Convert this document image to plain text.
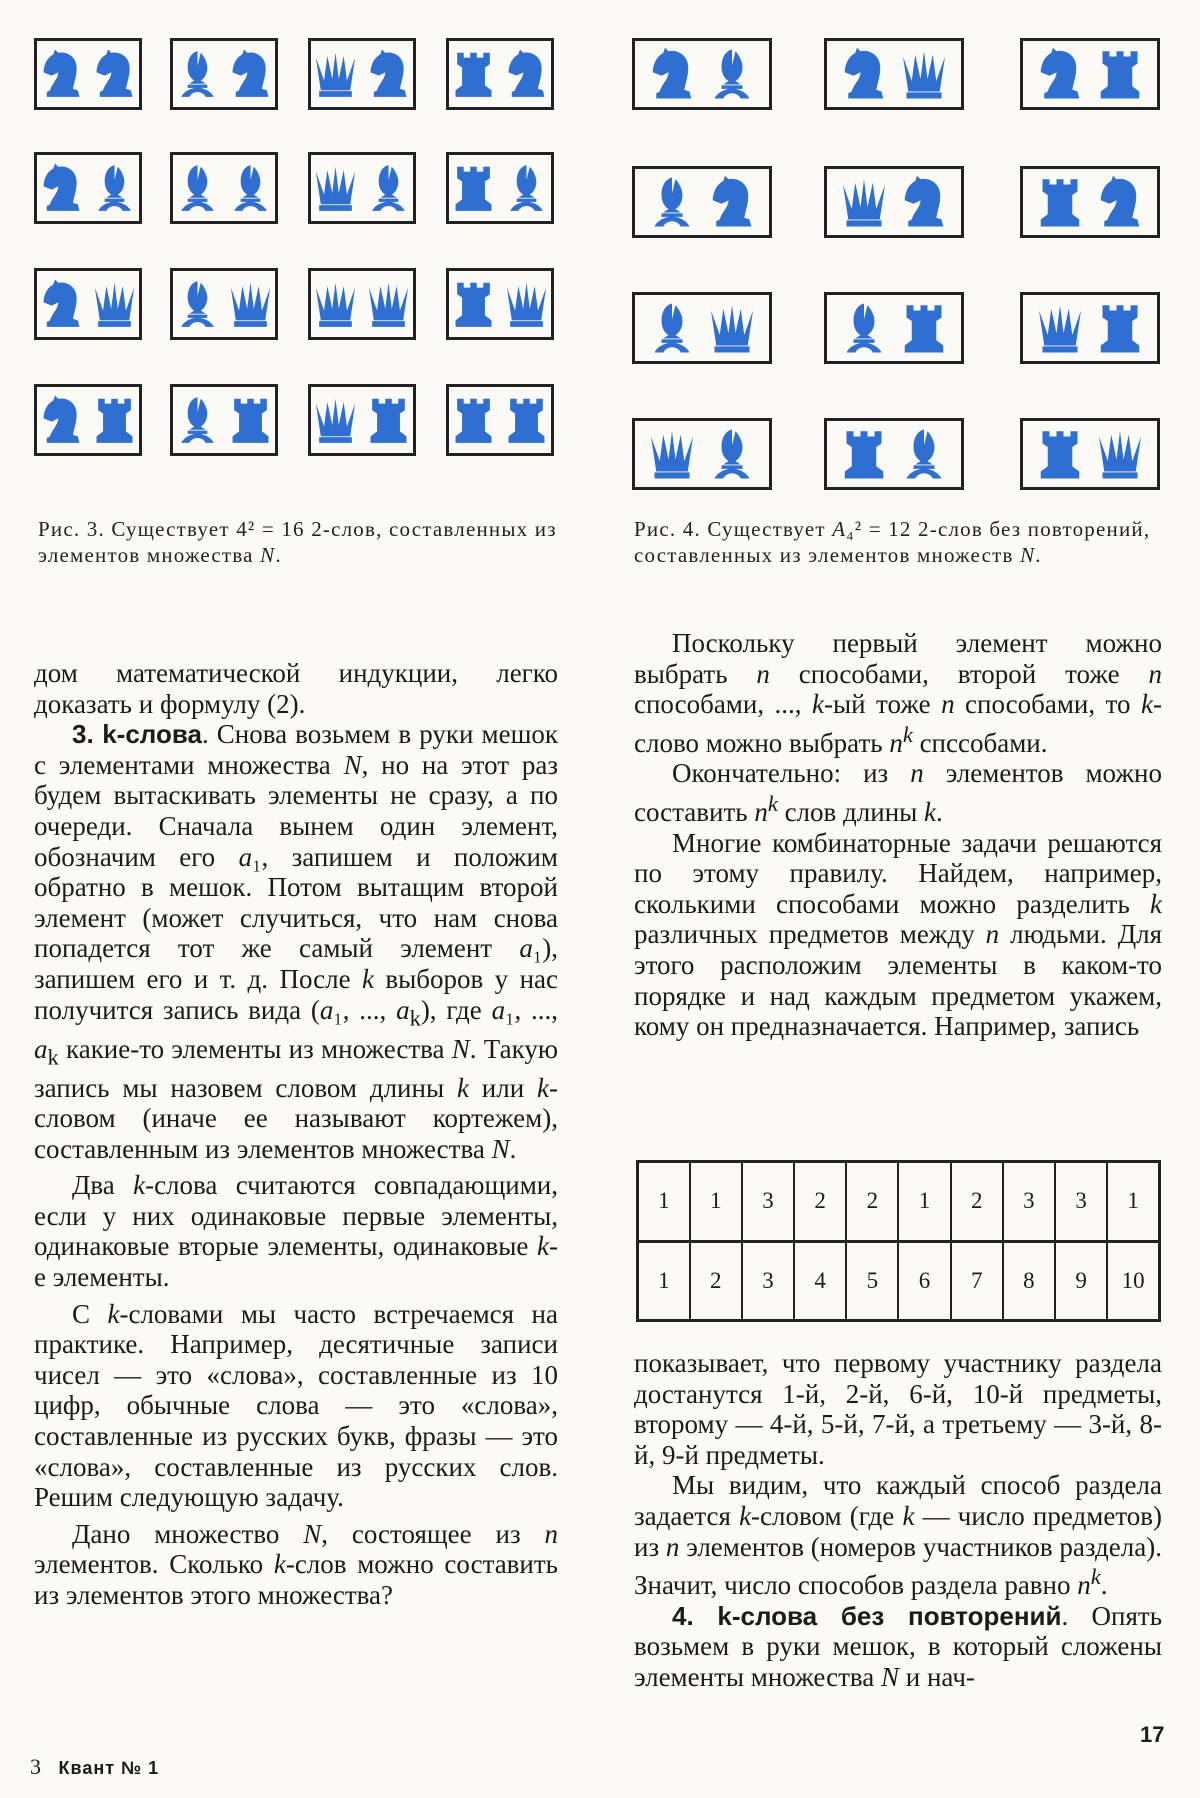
Рис. 3. Существует 4² = 16 2-слов, составленных из элементов множества N.
Рис. 4. Существует A₄² = 12 2-слов без повторений, составленных из элементов множеств N.

дом математической индукции, легко доказать и формулу (2).

3. k-слова. Снова возьмем в руки мешок с элементами множества N, но на этот раз будем вытаскивать элементы не сразу, а по очереди. Сначала вынем один элемент, обозначим его a₁, запишем и положим обратно в мешок. Потом вытащим второй элемент (может случиться, что нам снова попадется тот же самый элемент a₁), запишем его и т. д. После k выборов у нас получится запись вида (a₁, ..., $a_k$), где a₁, ..., $a_k$ какие-то элементы из множества N. Такую запись мы назовем словом длины k или k-словом (иначе ее называют кортежем), составленным из элементов множества N.

Два k-слова считаются совпадающими, если у них одинаковые первые элементы, одинаковые вторые элементы, одинаковые k-е элементы.

С k-словами мы часто встречаемся на практике. Например, десятичные записи чисел — это «слова», составленные из 10 цифр, обычные слова — это «слова», составленные из русских букв, фразы — это «слова», составленные из русских слов. Решим следующую задачу.

Дано множество N, состоящее из n элементов. Сколько k-слов можно составить из элементов этого множества?

Поскольку первый элемент можно выбрать n способами, второй тоже n способами, ..., k-ый тоже n способами, то k-слово можно выбрать $n^k$ спссобами.

Окончательно: из n элементов можно составить $n^k$ слов длины k.

Многие комбинаторные задачи решаются по этому правилу. Найдем, например, сколькими способами можно разделить k различных предметов между n людьми. Для этого расположим элементы в каком-то порядке и над каждым предметом укажем, кому он предназначается. Например, запись

1	1	3	2	2	1	2	3	3	1
1	2	3	4	5	6	7	8	9	10

показывает, что первому участнику раздела достанутся 1-й, 2-й, 6-й, 10-й предметы, второму — 4-й, 5-й, 7-й, а третьему — 3-й, 8-й, 9-й предметы.

Мы видим, что каждый способ раздела задается k-словом (где k — число предметов) из n элементов (номеров участников раздела). Значит, число способов раздела равно $n^k$.

4. k-слова без повторений. Опять возьмем в руки мешок, в который сложены элементы множества N и нач-

3 Квант № 1
17
